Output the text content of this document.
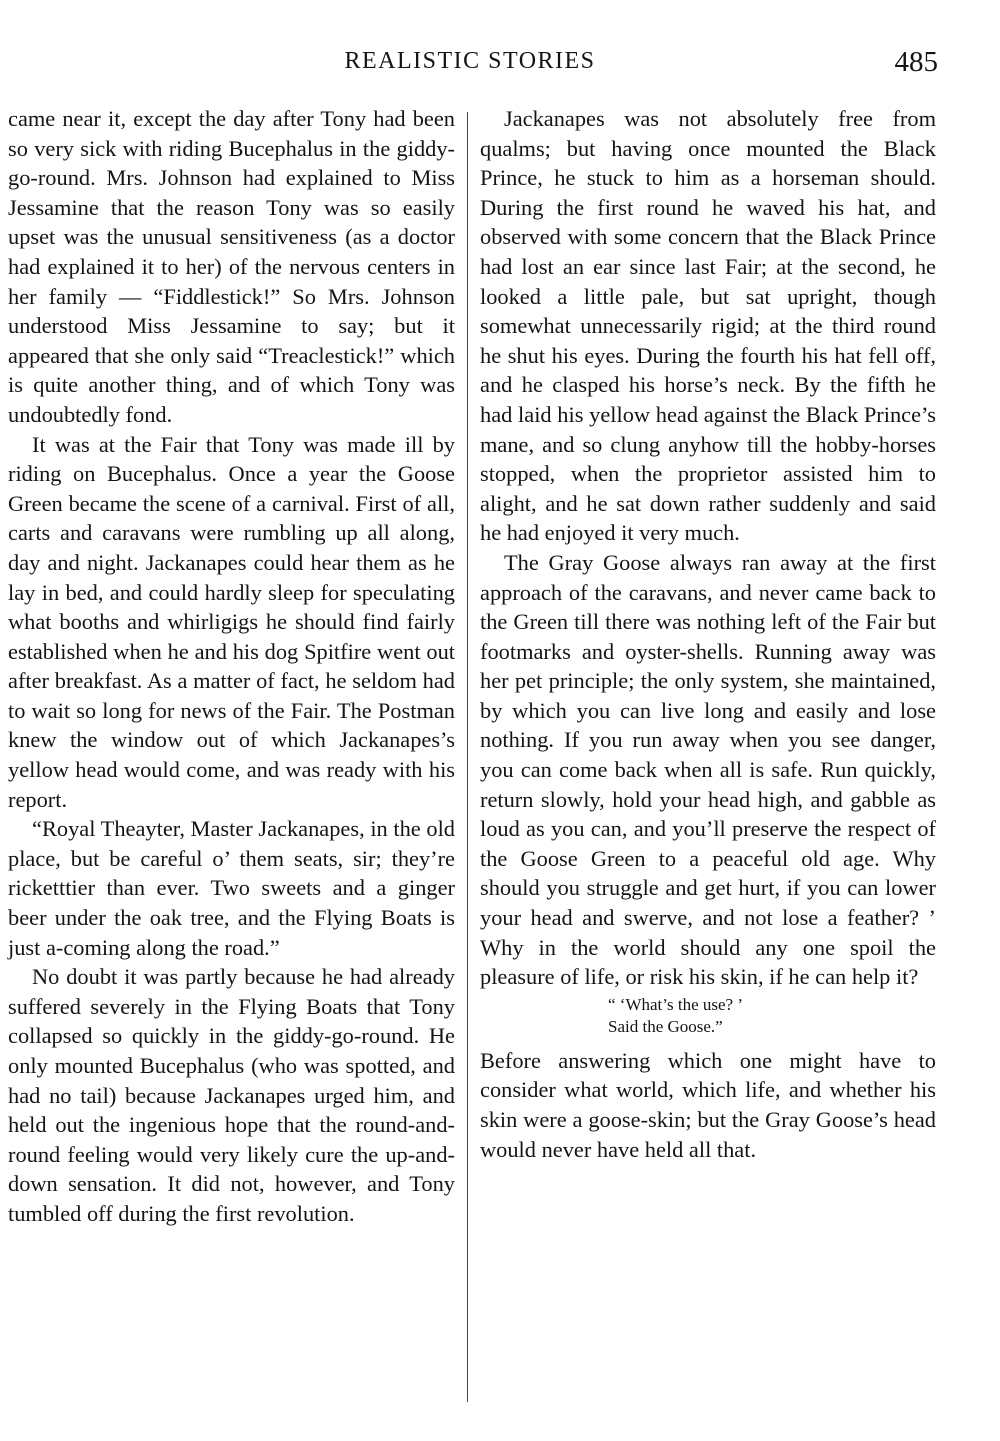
REALISTIC STORIES	485

came near it, except the day after Tony had been so very sick with riding Bucephalus in the giddy-go-round. Mrs. Johnson had explained to Miss Jessamine that the reason Tony was so easily upset was the unusual sensitiveness (as a doctor had explained it to her) of the nervous centers in her family — “Fiddlestick!” So Mrs. Johnson understood Miss Jessamine to say; but it appeared that she only said “Treaclestick!” which is quite another thing, and of which Tony was undoubtedly fond.

It was at the Fair that Tony was made ill by riding on Bucephalus. Once a year the Goose Green became the scene of a carnival. First of all, carts and caravans were rumbling up all along, day and night. Jackanapes could hear them as he lay in bed, and could hardly sleep for speculating what booths and whirligigs he should find fairly established when he and his dog Spitfire went out after breakfast. As a matter of fact, he seldom had to wait so long for news of the Fair. The Postman knew the window out of which Jackanapes’s yellow head would come, and was ready with his report.

“Royal Theayter, Master Jackanapes, in the old place, but be careful o’ them seats, sir; they’re ricketttier than ever. Two sweets and a ginger beer under the oak tree, and the Flying Boats is just a-coming along the road.”

No doubt it was partly because he had already suffered severely in the Flying Boats that Tony collapsed so quickly in the giddy-go-round. He only mounted Bucephalus (who was spotted, and had no tail) because Jackanapes urged him, and held out the ingenious hope that the round-and-round feeling would very likely cure the up-and-down sensation. It did not, however, and Tony tumbled off during the first revolution.

Jackanapes was not absolutely free from qualms; but having once mounted the Black Prince, he stuck to him as a horseman should. During the first round he waved his hat, and observed with some concern that the Black Prince had lost an ear since last Fair; at the second, he looked a little pale, but sat upright, though somewhat unnecessarily rigid; at the third round he shut his eyes. During the fourth his hat fell off, and he clasped his horse’s neck. By the fifth he had laid his yellow head against the Black Prince’s mane, and so clung anyhow till the hobby-horses stopped, when the proprietor assisted him to alight, and he sat down rather suddenly and said he had enjoyed it very much.

The Gray Goose always ran away at the first approach of the caravans, and never came back to the Green till there was nothing left of the Fair but footmarks and oyster-shells. Running away was her pet principle; the only system, she maintained, by which you can live long and easily and lose nothing. If you run away when you see danger, you can come back when all is safe. Run quickly, return slowly, hold your head high, and gabble as loud as you can, and you’ll preserve the respect of the Goose Green to a peaceful old age. Why should you struggle and get hurt, if you can lower your head and swerve, and not lose a feather? ’ Why in the world should any one spoil the pleasure of life, or risk his skin, if he can help it?

“ ‘What’s the use? ’
Said the Goose.”

Before answering which one might have to consider what world, which life, and whether his skin were a goose-skin; but the Gray Goose’s head would never have held all that.
